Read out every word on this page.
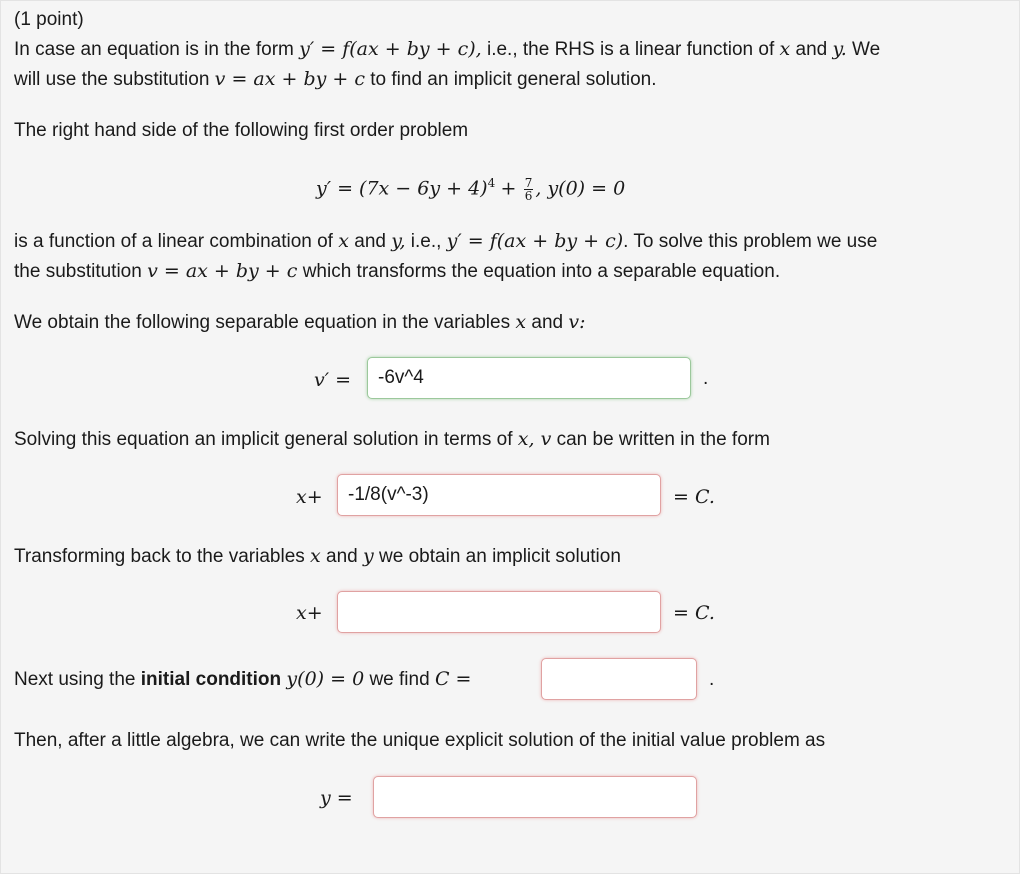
(1 point)
In case an equation is in the form y′ = f(ax + by + c), i.e., the RHS is a linear function of x and y. We
will use the substitution v = ax + by + c to find an implicit general solution.
The right hand side of the following first order problem
$y' = (7x - 6y + 4)^4 + \frac{7}{6}$ , y(0) = 0
is a function of a linear combination of x and y, i.e., y′ = f(ax + by + c). To solve this problem we use
the substitution v = ax + by + c which transforms the equation into a separable equation.
We obtain the following separable equation in the variables x and v:
v′ =	-6v^4	.
Solving this equation an implicit general solution in terms of x, v can be written in the form
x+	-1/8(v^-3)	= C.
Transforming back to the variables x and y we obtain an implicit solution
x+	= C.
Next using the initial condition y(0) = 0 we find C =	.
Then, after a little algebra, we can write the unique explicit solution of the initial value problem as
y =
